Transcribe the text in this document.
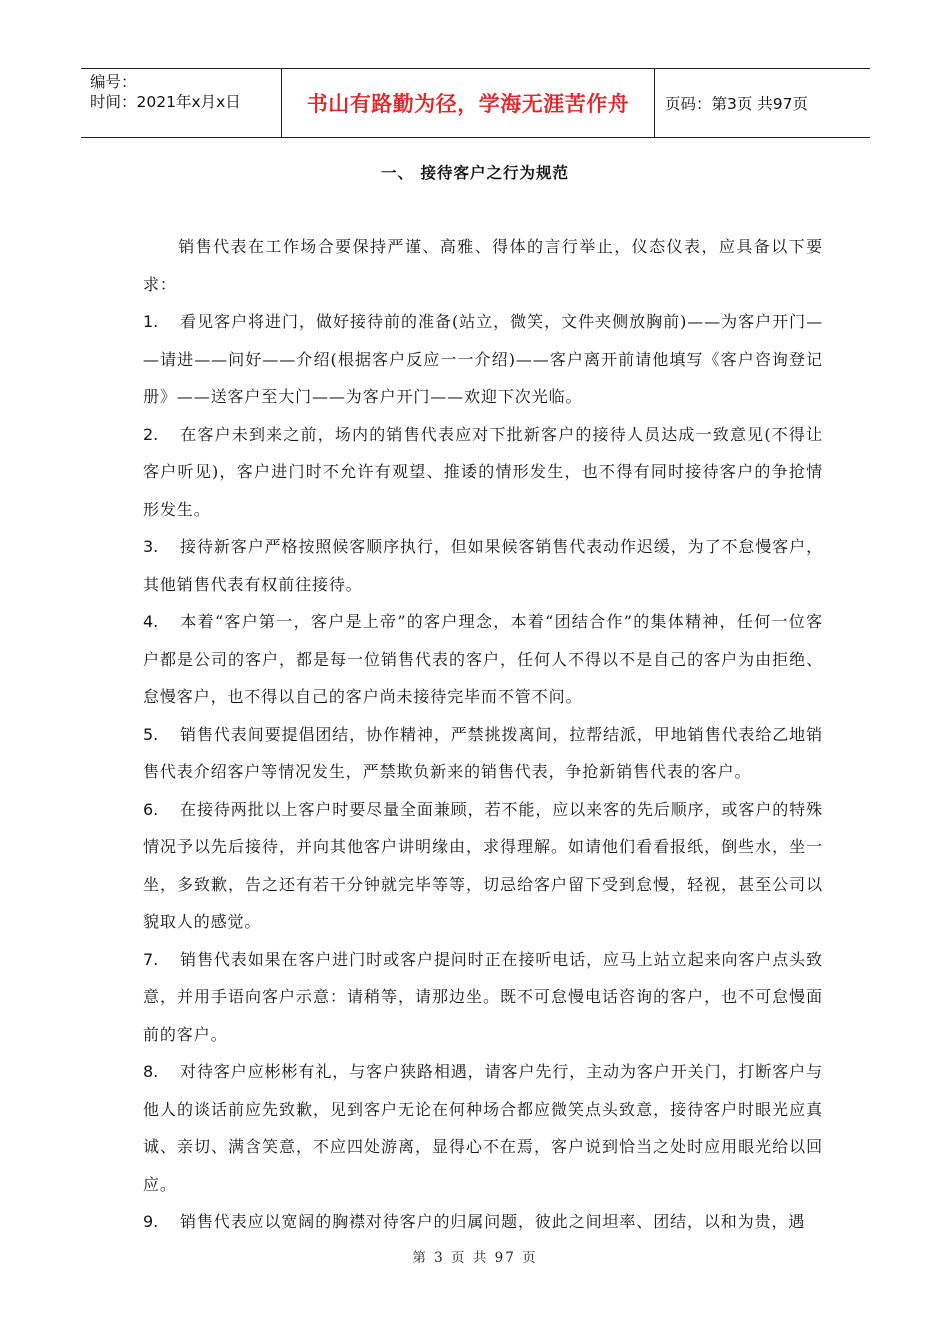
编号：
时间：2021年x月x日	书山有路勤为径，学海无涯苦作舟	页码：第3页 共97页
一、 接待客户之行为规范

销售代表在工作场合要保持严谨、高雅、得体的言行举止，仪态仪表，应具备以下要求：

1. 看见客户将进门，做好接待前的准备(站立，微笑，文件夹侧放胸前)——为客户开门— —请进——问好——介绍(根据客户反应一一介绍)——客户离开前请他填写《客户咨询登记册》——送客户至大门——为客户开门——欢迎下次光临。

2. 在客户未到来之前，场内的销售代表应对下批新客户的接待人员达成一致意见(不得让客户听见)，客户进门时不允许有观望、推诿的情形发生，也不得有同时接待客户的争抢情形发生。

3. 接待新客户严格按照候客顺序执行，但如果候客销售代表动作迟缓，为了不怠慢客户，其他销售代表有权前往接待。

4. 本着“客户第一，客户是上帝”的客户理念，本着“团结合作”的集体精神，任何一位客户都是公司的客户，都是每一位销售代表的客户，任何人不得以不是自己的客户为由拒绝、怠慢客户，也不得以自己的客户尚未接待完毕而不管不问。

5. 销售代表间要提倡团结，协作精神，严禁挑拨离间，拉帮结派，甲地销售代表给乙地销售代表介绍客户等情况发生，严禁欺负新来的销售代表，争抢新销售代表的客户。

6. 在接待两批以上客户时要尽量全面兼顾，若不能，应以来客的先后顺序，或客户的特殊情况予以先后接待，并向其他客户讲明缘由，求得理解。如请他们看看报纸，倒些水，坐一坐，多致歉，告之还有若干分钟就完毕等等，切忌给客户留下受到怠慢，轻视，甚至公司以貌取人的感觉。

7. 销售代表如果在客户进门时或客户提问时正在接听电话，应马上站立起来向客户点头致意，并用手语向客户示意：请稍等，请那边坐。既不可怠慢电话咨询的客户，也不可怠慢面前的客户。

8. 对待客户应彬彬有礼，与客户狭路相遇，请客户先行，主动为客户开关门，打断客户与他人的谈话前应先致歉，见到客户无论在何种场合都应微笑点头致意，接待客户时眼光应真诚、亲切、满含笑意，不应四处游离，显得心不在焉，客户说到恰当之处时应用眼光给以回应。

9. 销售代表应以宽阔的胸襟对待客户的归属问题，彼此之间坦率、团结，以和为贵，遇

第 3 页 共 97 页
